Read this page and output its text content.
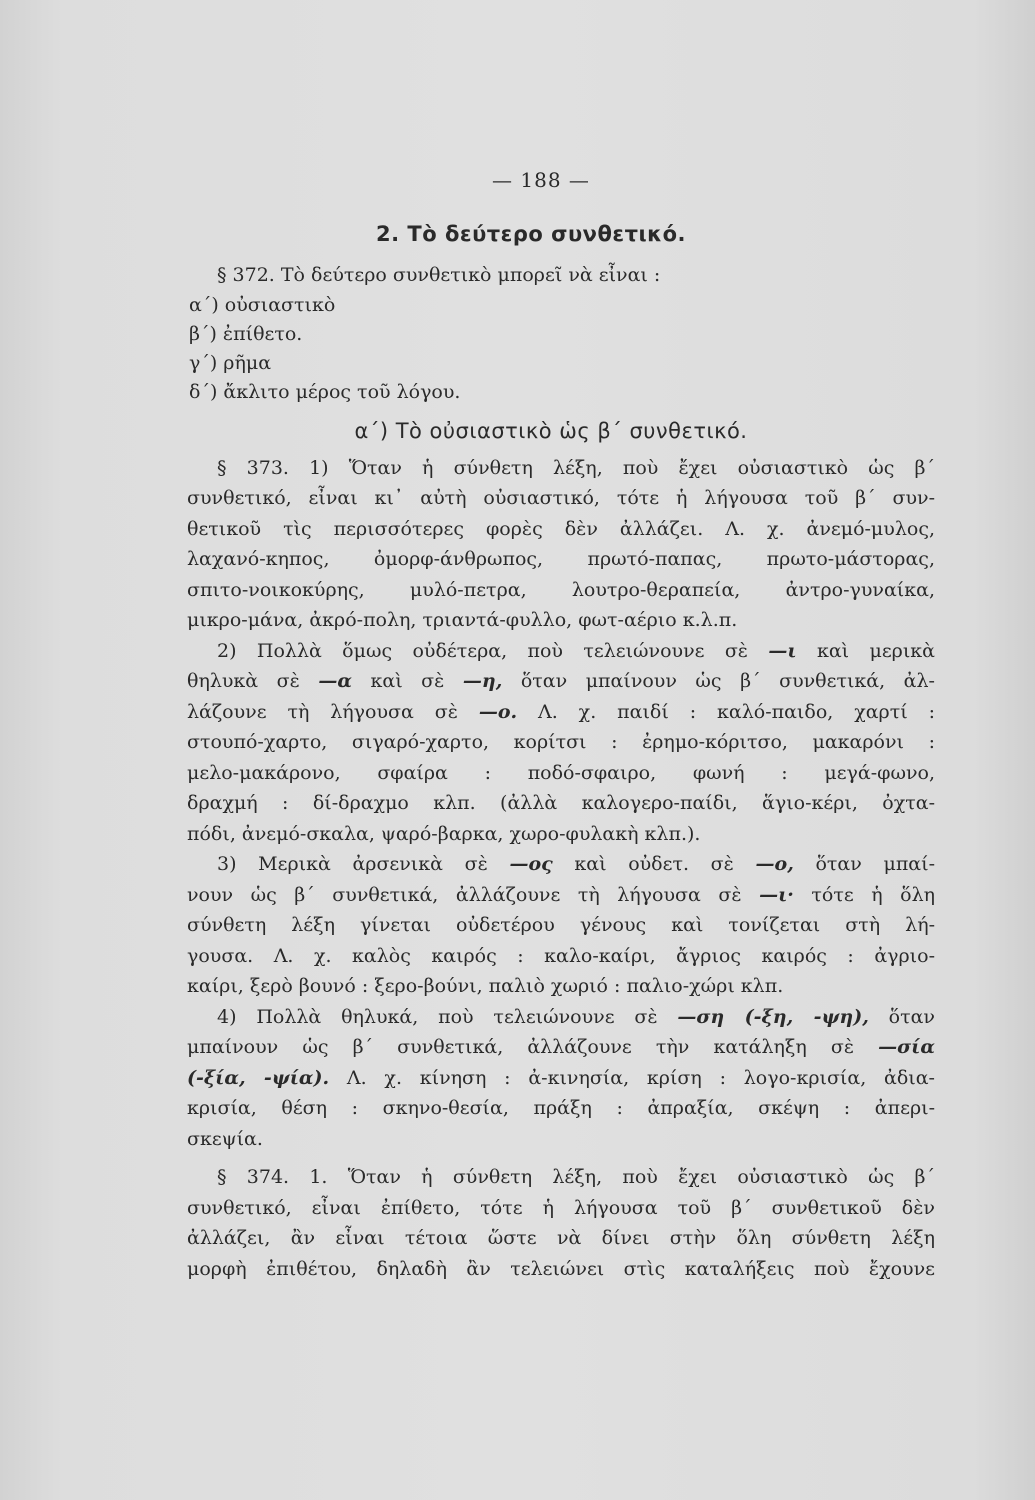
— 188 —
2. Τὸ δεύτερο συνθετικό.
§ 372. Τὸ δεύτερο συνθετικὸ μπορεῖ νὰ εἶναι :
α΄) οὐσιαστικὸ
β΄) ἐπίθετο.
γ΄) ρῆμα
δ΄) ἄκλιτο μέρος τοῦ λόγου.
α΄) Τὸ οὐσιαστικὸ ὡς β΄ συνθετικό.
§ 373. 1) Ὅταν ἡ σύνθετη λέξη, ποὺ ἔχει οὐσιαστικὸ ὡς β΄
συνθετικό, εἶναι κι᾿ αὐτὴ οὐσιαστικό, τότε ἡ λήγουσα τοῦ β΄ συν-
θετικοῦ τὶς περισσότερες φορὲς δὲν ἀλλάζει. Λ. χ. ἀνεμό-μυλος,
λαχανό-κηπος, ὀμορφ-άνθρωπος, πρωτό-παπας, πρωτο-μάστορας,
σπιτο-νοικοκύρης, μυλό-πετρα, λουτρο-θεραπεία, ἀντρο-γυναίκα,
μικρο-μάνα, ἀκρό-πολη, τριαντά-φυλλο, φωτ-αέριο κ.λ.π.
2) Πολλὰ ὅμως οὐδέτερα, ποὺ τελειώνουνε σὲ —ι καὶ μερικὰ
θηλυκὰ σὲ —α καὶ σὲ —η, ὅταν μπαίνουν ὡς β΄ συνθετικά, ἀλ-
λάζουνε τὴ λήγουσα σὲ —ο. Λ. χ. παιδί : καλό-παιδο, χαρτί :
στουπό-χαρτο, σιγαρό-χαρτο, κορίτσι : ἐρημο-κόριτσο, μακαρόνι :
μελο-μακάρονο, σφαίρα : ποδό-σφαιρο, φωνή : μεγά-φωνο,
δραχμή : δί-δραχμο κλπ. (ἀλλὰ καλογερο-παίδι, ἅγιο-κέρι, ὀχτα-
πόδι, ἀνεμό-σκαλα, ψαρό-βαρκα, χωρο-φυλακὴ κλπ.).
3) Μερικὰ ἀρσενικὰ σὲ —ος καὶ οὐδετ. σὲ —ο, ὅταν μπαί-
νουν ὡς β΄ συνθετικά, ἀλλάζουνε τὴ λήγουσα σὲ —ι· τότε ἡ ὅλη
σύνθετη λέξη γίνεται οὐδετέρου γένους καὶ τονίζεται στὴ λή-
γουσα. Λ. χ. καλὸς καιρός : καλο-καίρι, ἄγριος καιρός : ἀγριο-
καίρι, ξερὸ βουνό : ξερο-βούνι, παλιὸ χωριό : παλιο-χώρι κλπ.
4) Πολλὰ θηλυκά, ποὺ τελειώνουνε σὲ —ση (-ξη, -ψη), ὅταν
μπαίνουν ὡς β΄ συνθετικά, ἀλλάζουνε τὴν κατάληξη σὲ —σία
(-ξία, -ψία). Λ. χ. κίνηση : ἀ-κινησία, κρίση : λογο-κρισία, ἀδια-
κρισία, θέση : σκηνο-θεσία, πράξη : ἀπραξία, σκέψη : ἀπερι-
σκεψία.
§ 374. 1. Ὅταν ἡ σύνθετη λέξη, ποὺ ἔχει οὐσιαστικὸ ὡς β΄
συνθετικό, εἶναι ἐπίθετο, τότε ἡ λήγουσα τοῦ β΄ συνθετικοῦ δὲν
ἀλλάζει, ἂν εἶναι τέτοια ὥστε νὰ δίνει στὴν ὅλη σύνθετη λέξη
μορφὴ ἐπιθέτου, δηλαδὴ ἂν τελειώνει στὶς καταλήξεις ποὺ ἔχουνε
